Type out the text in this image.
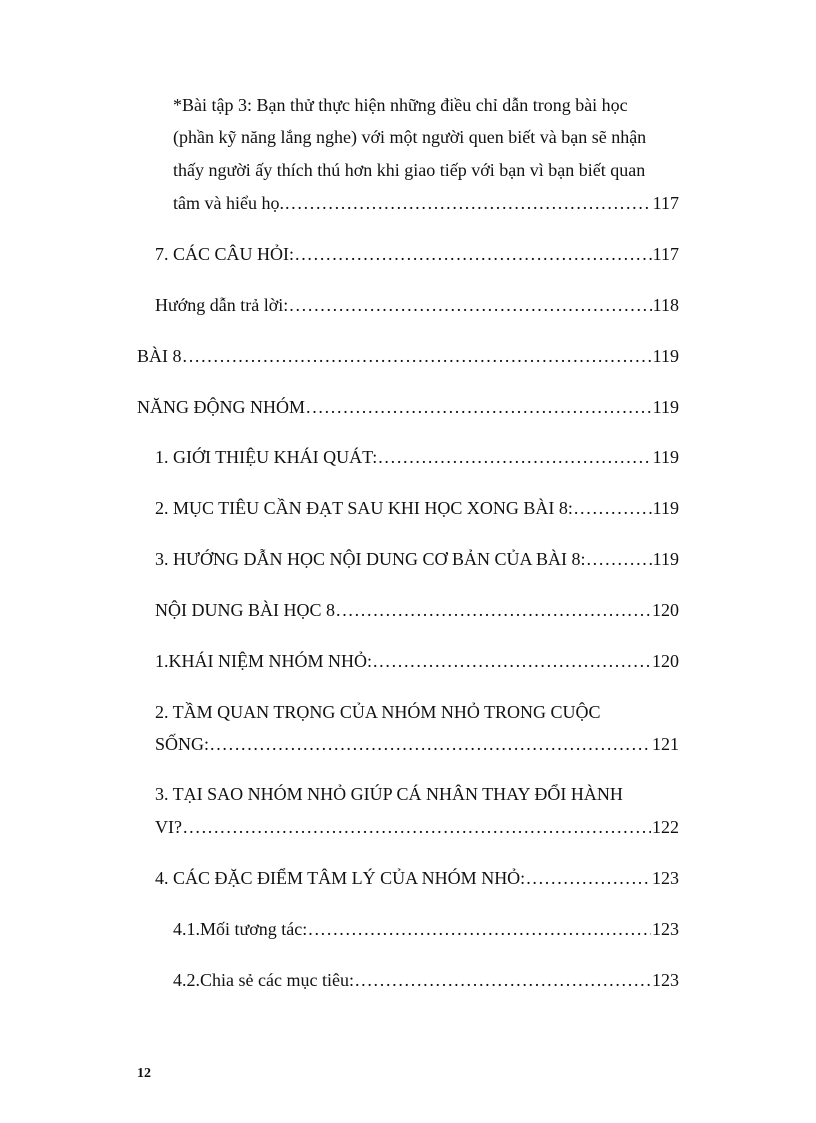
*Bài tập 3: Bạn thử thực hiện những điều chỉ dẫn trong bài học
(phần kỹ năng lắng nghe) với một người quen biết và bạn sẽ nhận
thấy người ấy thích thú hơn khi giao tiếp với bạn vì bạn biết quan
tâm và hiểu họ. . . .	117
7. CÁC CÂU HỎI: . . .	117
Hướng dẫn trả lời: . . .	118
BÀI 8 . . .	119
NĂNG ĐỘNG NHÓM . . .	119
1. GIỚI THIỆU KHÁI QUÁT: . . .	119
2. MỤC TIÊU CẦN ĐẠT SAU KHI HỌC XONG BÀI 8: . . .	119
3. HƯỚNG DẪN HỌC NỘI DUNG CƠ BẢN CỦA BÀI 8: . . .	119
NỘI DUNG BÀI HỌC 8 . . .	120
1.KHÁI NIỆM NHÓM NHỎ: . . .	120
2. TẦM QUAN TRỌNG CỦA NHÓM NHỎ TRONG CUỘC
SỐNG: . . .	121
3. TẠI SAO NHÓM NHỎ GIÚP CÁ NHÂN THAY ĐỔI HÀNH
VI? . . .	122
4. CÁC ĐẶC ĐIỂM TÂM LÝ CỦA NHÓM NHỎ: . . .	123
4.1.Mối tương tác: . . .	123
4.2.Chia sẻ các mục tiêu: . . .	123
12
